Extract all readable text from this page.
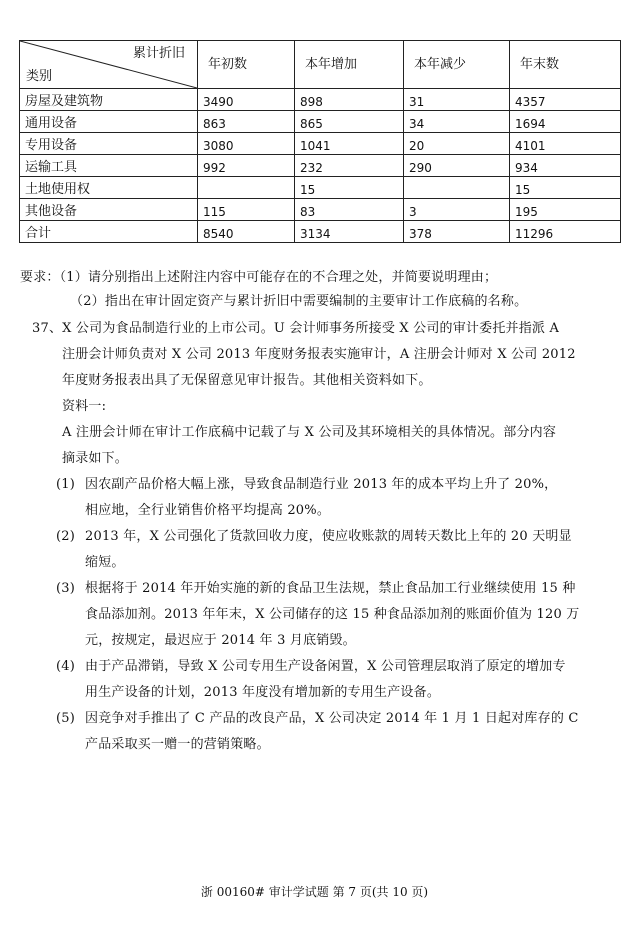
累计折旧
类别	年初数	本年增加	本年减少	年末数
房屋及建筑物	3490	898	31	4357
通用设备	863	865	34	1694
专用设备	3080	1041	20	4101
运输工具	992	232	290	934
土地使用权		15		15
其他设备	115	83	3	195
合计	8540	3134	378	11296
要求：（1）请分别指出上述附注内容中可能存在的不合理之处，并简要说明理由；
（2）指出在审计固定资产与累计折旧中需要编制的主要审计工作底稿的名称。
37、X 公司为食品制造行业的上市公司。U 会计师事务所接受 X 公司的审计委托并指派 A
注册会计师负责对 X 公司 2013 年度财务报表实施审计，A 注册会计师对 X 公司 2012
年度财务报表出具了无保留意见审计报告。其他相关资料如下。
资料一:
A 注册会计师在审计工作底稿中记载了与 X 公司及其环境相关的具体情况。部分内容
摘录如下。
(1) 因农副产品价格大幅上涨，导致食品制造行业 2013 年的成本平均上升了 20%，
相应地，全行业销售价格平均提高 20%。
(2) 2013 年，X 公司强化了货款回收力度，使应收账款的周转天数比上年的 20 天明显
缩短。
(3) 根据将于 2014 年开始实施的新的食品卫生法规，禁止食品加工行业继续使用 15 种
食品添加剂。2013 年年末，X 公司储存的这 15 种食品添加剂的账面价值为 120 万
元，按规定，最迟应于 2014 年 3 月底销毁。
(4) 由于产品滞销，导致 X 公司专用生产设备闲置，X 公司管理层取消了原定的增加专
用生产设备的计划，2013 年度没有增加新的专用生产设备。
(5) 因竞争对手推出了 C 产品的改良产品，X 公司决定 2014 年 1 月 1 日起对库存的 C
产品采取买一赠一的营销策略。
浙 00160# 审计学试题 第 7 页(共 10 页)
